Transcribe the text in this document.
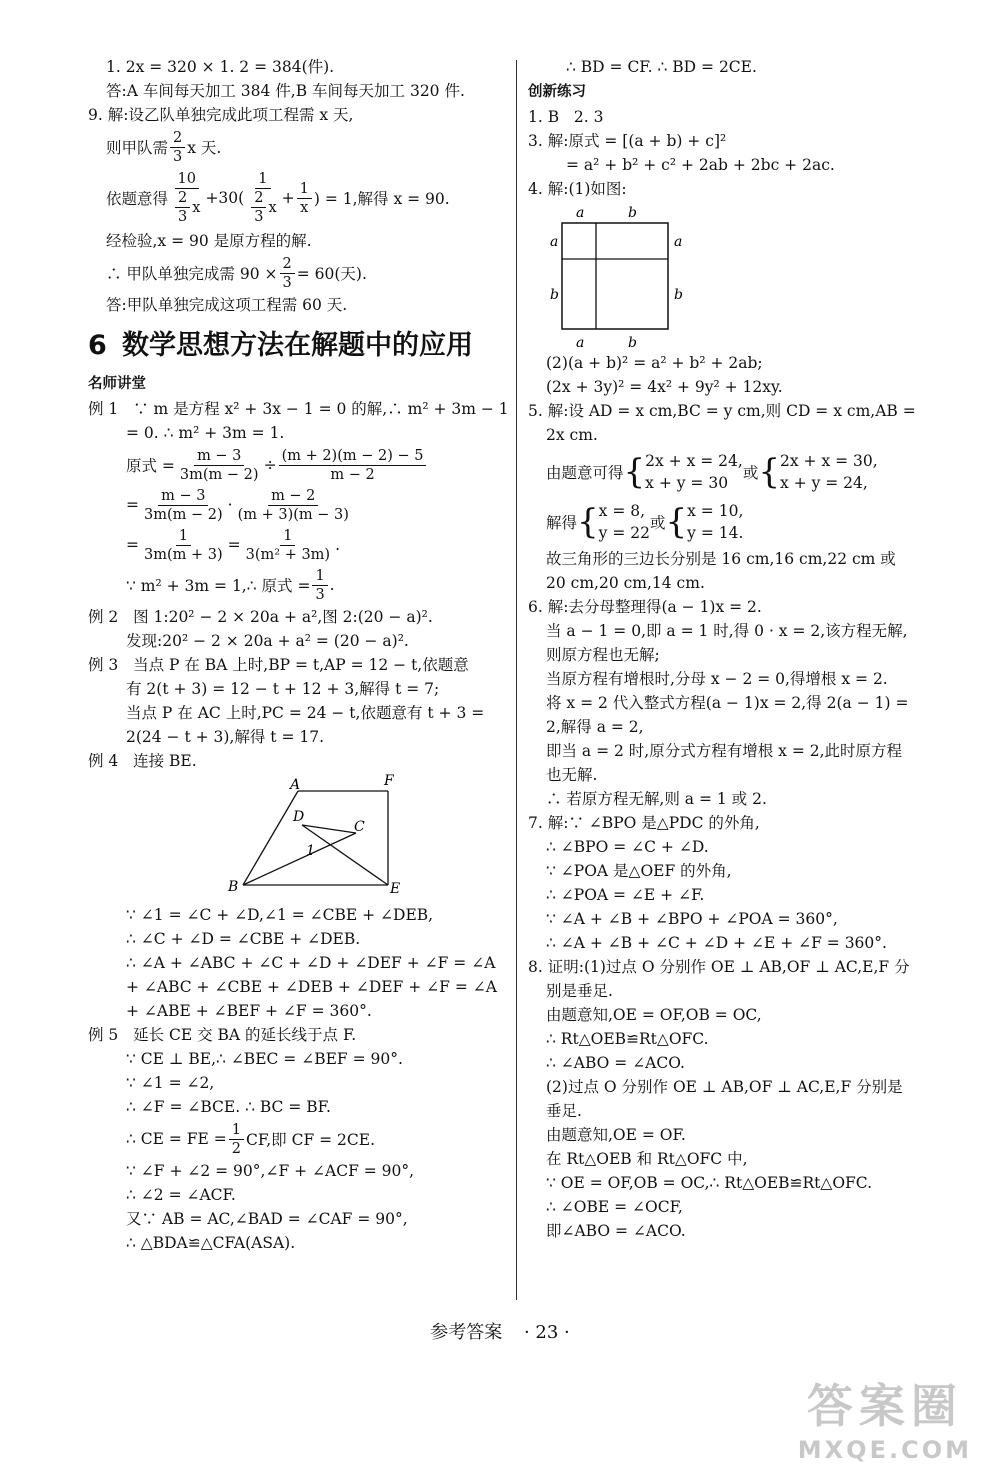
1. 2x = 320 × 1. 2 = 384(件).
答:A 车间每天加工 384 件,B 车间每天加工 320 件.
9. 解:设乙队单独完成此项工程需 x 天,
则甲队需 $\frac{2}{3}$ x 天.
依题意得 $\frac{10}{\frac{2}{3} x} +30( \frac{1}{\frac{2}{3} x} + \frac{1}{x}$ ) = 1,解得 x = 90.
经检验,x = 90 是原方程的解.
∴ 甲队单独完成需 $90 \times \frac{2}{3} = 60$(天).
答:甲队单独完成这项工程需 60 天.
6 数学思想方法在解题中的应用
名师讲堂
例 1   ∵ m 是方程 x² + 3x − 1 = 0 的解,∴ m² + 3m − 1
= 0. ∴ m² + 3m = 1.
原式 = $\frac{m - 3}{3m(m - 2)} \div \frac{(m + 2)(m - 2) - 5}{m - 2}$
= $\frac{m - 3}{3m(m - 2)} \cdot \frac{m - 2}{(m + 3)(m - 3)}$
= $\frac{1}{3m(m + 3)} = \frac{1}{\text{3(m² + 3m)}}$ .
∵ m² + 3m = 1,∴ 原式 = $\frac{1}{3}$ .
例 2   图 1:20² − 2 × 20a + a²,图 2:(20 − a)².
发现:20² − 2 × 20a + a² = (20 − a)².
例 3   当点 P 在 BA 上时,BP = t,AP = 12 − t,依题意
有 2(t + 3) = 12 − t + 12 + 3,解得 t = 7;
当点 P 在 AC 上时,PC = 24 − t,依题意有 t + 3 =
2(24 − t + 3),解得 t = 17.
例 4   连接 BE.
A	F
D
C
1
B	E
∵ ∠1 = ∠C + ∠D,∠1 = ∠CBE + ∠DEB,
∴ ∠C + ∠D = ∠CBE + ∠DEB.
∴ ∠A + ∠ABC + ∠C + ∠D + ∠DEF + ∠F = ∠A
+ ∠ABC + ∠CBE + ∠DEB + ∠DEF + ∠F = ∠A
+ ∠ABE + ∠BEF + ∠F = 360°.
例 5   延长 CE 交 BA 的延长线于点 F.
∵ CE ⊥ BE,∴ ∠BEC = ∠BEF = 90°.
∵ ∠1 = ∠2,
∴ ∠F = ∠BCE. ∴ BC = BF.
∴ CE = FE = $\frac{1}{2}$ CF,即 CF = 2CE.
∵ ∠F + ∠2 = 90°,∠F + ∠ACF = 90°,
∴ ∠2 = ∠ACF.
又∵ AB = AC,∠BAD = ∠CAF = 90°,
∴ △BDA≌△CFA(ASA).
∴ BD = CF. ∴ BD = 2CE.
创新练习
1. B   2. 3
3. 解:原式 = [(a + b) + c]²
= a² + b² + c² + 2ab + 2bc + 2ac.
4. 解:(1)如图:
a	b
a	a
b	b
a	b
(2)(a + b)² = a² + b² + 2ab;
(2x + 3y)² = 4x² + 9y² + 12xy.
5. 解:设 AD = x cm,BC = y cm,则 CD = x cm,AB =
2x cm.
由题意可得 { 2x + x = 24,
x + y = 30
或 { 2x + x = 30,
x + y = 24,
解得 { x = 8,
y = 22
或 { x = 10,
y = 14.
故三角形的三边长分别是 16 cm,16 cm,22 cm 或
20 cm,20 cm,14 cm.
6. 解:去分母整理得(a − 1)x = 2.
当 a − 1 = 0,即 a = 1 时,得 0 · x = 2,该方程无解,
则原方程也无解;
当原方程有增根时,分母 x − 2 = 0,得增根 x = 2.
将 x = 2 代入整式方程(a − 1)x = 2,得 2(a − 1) =
2,解得 a = 2,
即当 a = 2 时,原分式方程有增根 x = 2,此时原方程
也无解.
∴ 若原方程无解,则 a = 1 或 2.
7. 解:∵ ∠BPO 是△PDC 的外角,
∴ ∠BPO = ∠C + ∠D.
∵ ∠POA 是△OEF 的外角,
∴ ∠POA = ∠E + ∠F.
∵ ∠A + ∠B + ∠BPO + ∠POA = 360°,
∴ ∠A + ∠B + ∠C + ∠D + ∠E + ∠F = 360°.
8. 证明:(1)过点 O 分别作 OE ⊥ AB,OF ⊥ AC,E,F 分
别是垂足.
由题意知,OE = OF,OB = OC,
∴ Rt△OEB≌Rt△OFC.
∴ ∠ABO = ∠ACO.
(2)过点 O 分别作 OE ⊥ AB,OF ⊥ AC,E,F 分别是
垂足.
由题意知,OE = OF.
在 Rt△OEB 和 Rt△OFC 中,
∵ OE = OF,OB = OC,∴ Rt△OEB≌Rt△OFC.
∴ ∠OBE = ∠OCF,
即∠ABO = ∠ACO.
参考答案 · 23 ·
答案圈
MXQE.COM
